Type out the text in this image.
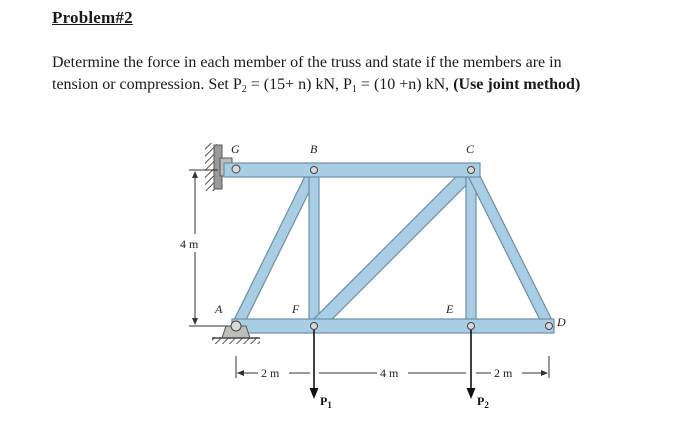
Problem#2
Determine the force in each member of the truss and state if the members are in
tension or compression. Set $P_2 = (15+ n)$ kN, $P_1 = (10 +n)$ kN, (Use joint method)
G	B	C
A	F	E
D
4 m
2 m	4 m	2 m
$P_1$	$P_2$
